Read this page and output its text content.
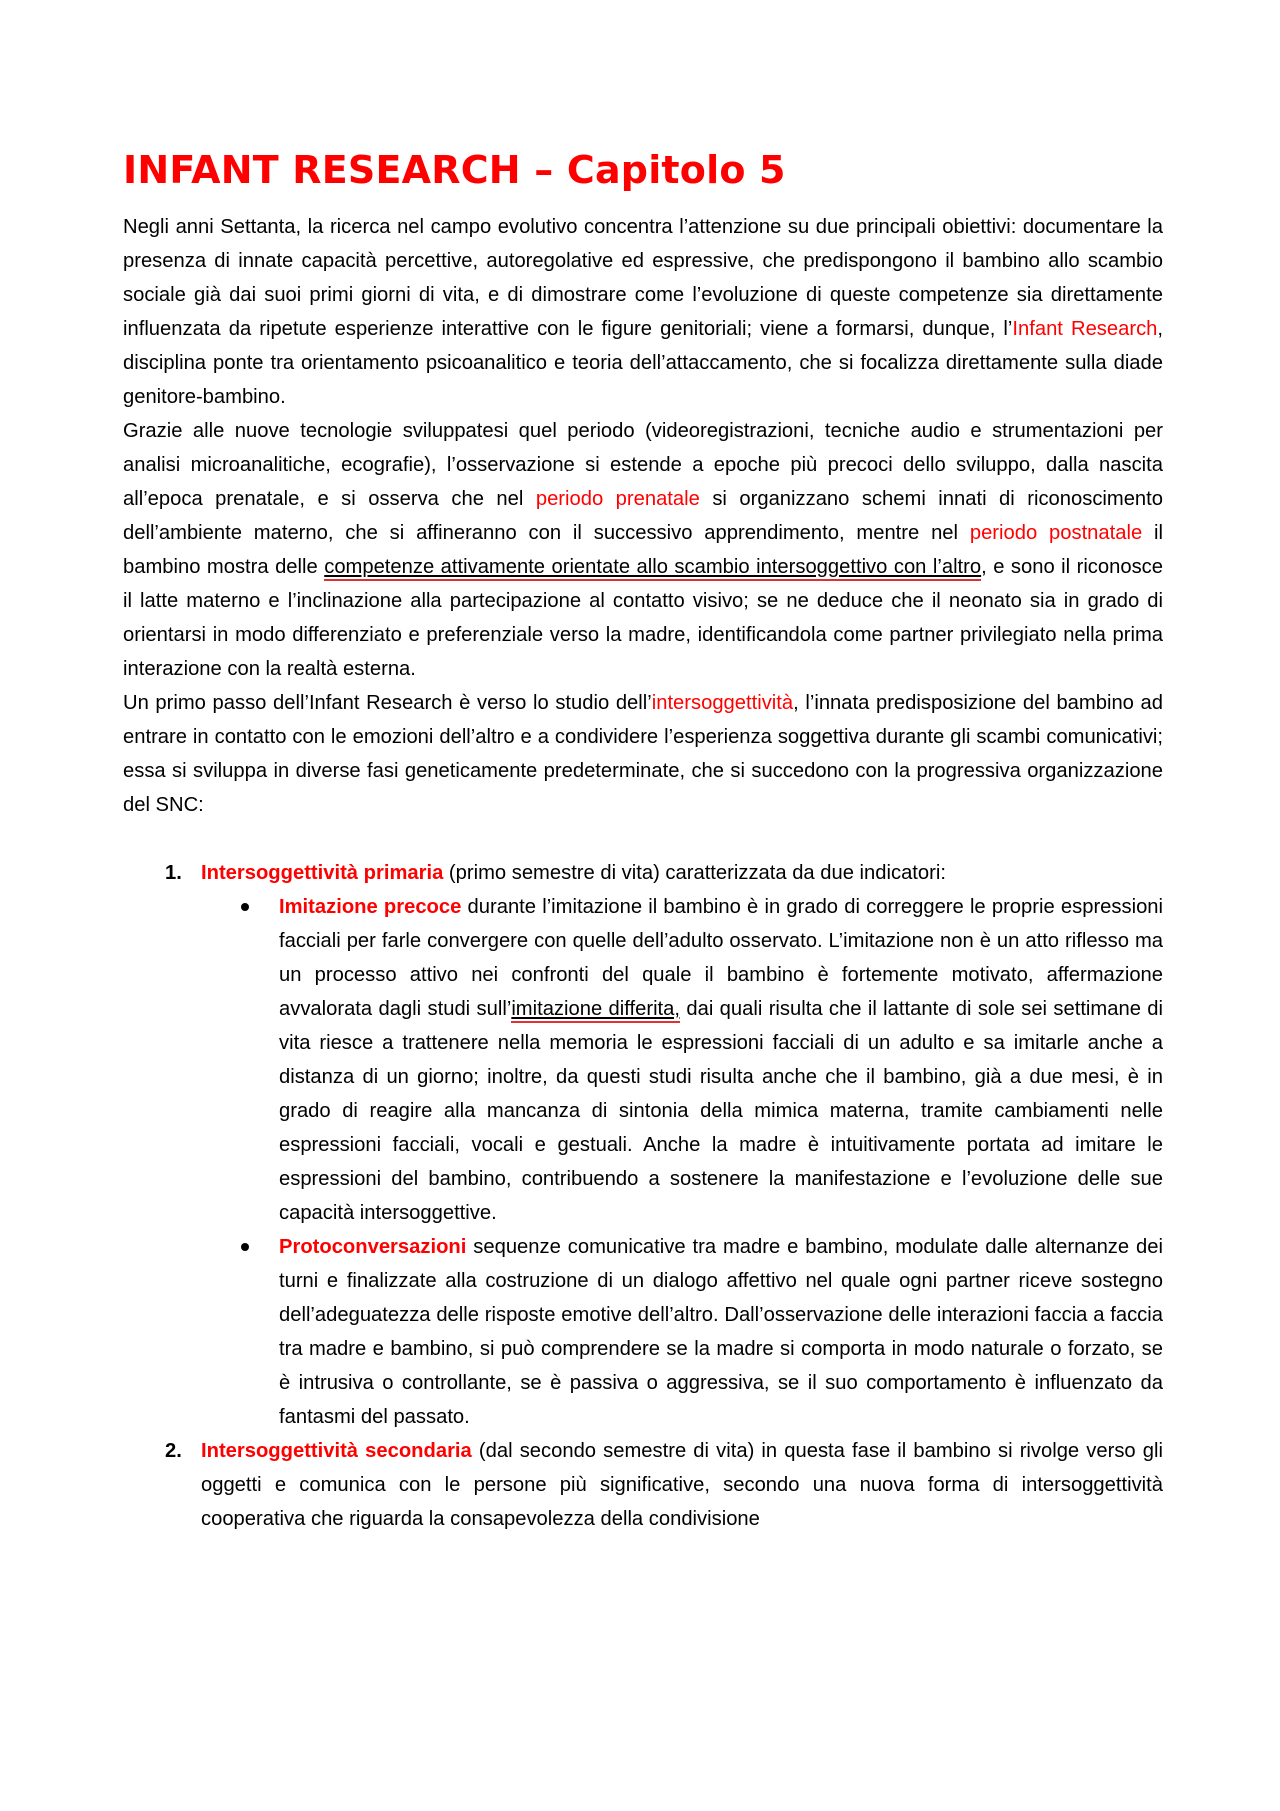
INFANT RESEARCH – Capitolo 5

Negli anni Settanta, la ricerca nel campo evolutivo concentra l’attenzione su due principali obiettivi: documentare la presenza di innate capacità percettive, autoregolative ed espressive, che predispongono il bambino allo scambio sociale già dai suoi primi giorni di vita, e di dimostrare come l’evoluzione di queste competenze sia direttamente influenzata da ripetute esperienze interattive con le figure genitoriali; viene a formarsi, dunque, l’Infant Research, disciplina ponte tra orientamento psicoanalitico e teoria dell’attaccamento, che si focalizza direttamente sulla diade genitore-bambino.

Grazie alle nuove tecnologie sviluppatesi quel periodo (videoregistrazioni, tecniche audio e strumentazioni per analisi microanalitiche, ecografie), l’osservazione si estende a epoche più precoci dello sviluppo, dalla nascita all’epoca prenatale, e si osserva che nel periodo prenatale si organizzano schemi innati di riconoscimento dell’ambiente materno, che si affineranno con il successivo apprendimento, mentre nel periodo postnatale il bambino mostra delle competenze attivamente orientate allo scambio intersoggettivo con l’altro, e sono il riconosce il latte materno e l’inclinazione alla partecipazione al contatto visivo; se ne deduce che il neonato sia in grado di orientarsi in modo differenziato e preferenziale verso la madre, identificandola come partner privilegiato nella prima interazione con la realtà esterna.

Un primo passo dell’Infant Research è verso lo studio dell’intersoggettività, l’innata predisposizione del bambino ad entrare in contatto con le emozioni dell’altro e a condividere l’esperienza soggettiva durante gli scambi comunicativi; essa si sviluppa in diverse fasi geneticamente predeterminate, che si succedono con la progressiva organizzazione del SNC:

1. Intersoggettività primaria (primo semestre di vita) caratterizzata da due indicatori:

Imitazione precoce durante l’imitazione il bambino è in grado di correggere le proprie espressioni facciali per farle convergere con quelle dell’adulto osservato. L’imitazione non è un atto riflesso ma un processo attivo nei confronti del quale il bambino è fortemente motivato, affermazione avvalorata dagli studi sull’imitazione differita, dai quali risulta che il lattante di sole sei settimane di vita riesce a trattenere nella memoria le espressioni facciali di un adulto e sa imitarle anche a distanza di un giorno; inoltre, da questi studi risulta anche che il bambino, già a due mesi, è in grado di reagire alla mancanza di sintonia della mimica materna, tramite cambiamenti nelle espressioni facciali, vocali e gestuali. Anche la madre è intuitivamente portata ad imitare le espressioni del bambino, contribuendo a sostenere la manifestazione e l’evoluzione delle sue capacità intersoggettive.

Protoconversazioni sequenze comunicative tra madre e bambino, modulate dalle alternanze dei turni e finalizzate alla costruzione di un dialogo affettivo nel quale ogni partner riceve sostegno dell’adeguatezza delle risposte emotive dell’altro. Dall’osservazione delle interazioni faccia a faccia tra madre e bambino, si può comprendere se la madre si comporta in modo naturale o forzato, se è intrusiva o controllante, se è passiva o aggressiva, se il suo comportamento è influenzato da fantasmi del passato.

2. Intersoggettività secondaria (dal secondo semestre di vita) in questa fase il bambino si rivolge verso gli oggetti e comunica con le persone più significative, secondo una nuova forma di intersoggettività cooperativa che riguarda la consapevolezza della condivisione
